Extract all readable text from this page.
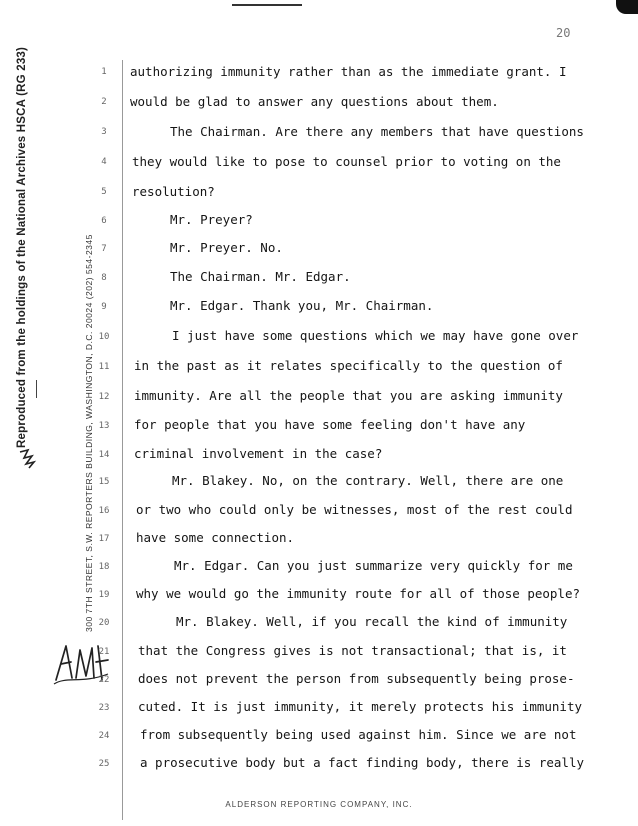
20
Reproduced from the holdings of the National Archives HSCA (RG 233)	300 7TH STREET, S.W. REPORTERS BUILDING, WASHINGTON, D.C. 20024 (202) 554-2345
1
2
3
4
5
6
7
8
9
10
11
12
13
14
15
16
17
18
19
20
21
22
23
24
25
authorizing immunity rather than as the immediate grant. I
would be glad to answer any questions about them.
The Chairman. Are there any members that have questions
they would like to pose to counsel prior to voting on the
resolution?
Mr. Preyer?
Mr. Preyer. No.
The Chairman. Mr. Edgar.
Mr. Edgar. Thank you, Mr. Chairman.
I just have some questions which we may have gone over
in the past as it relates specifically to the question of
immunity. Are all the people that you are asking immunity
for people that you have some feeling don't have any
criminal involvement in the case?
Mr. Blakey. No, on the contrary. Well, there are one
or two who could only be witnesses, most of the rest could
have some connection.
Mr. Edgar. Can you just summarize very quickly for me
why we would go the immunity route for all of those people?
Mr. Blakey. Well, if you recall the kind of immunity
that the Congress gives is not transactional; that is, it
does not prevent the person from subsequently being prose-
cuted. It is just immunity, it merely protects his immunity
from subsequently being used against him. Since we are not
a prosecutive body but a fact finding body, there is really
ALDERSON REPORTING COMPANY, INC.
